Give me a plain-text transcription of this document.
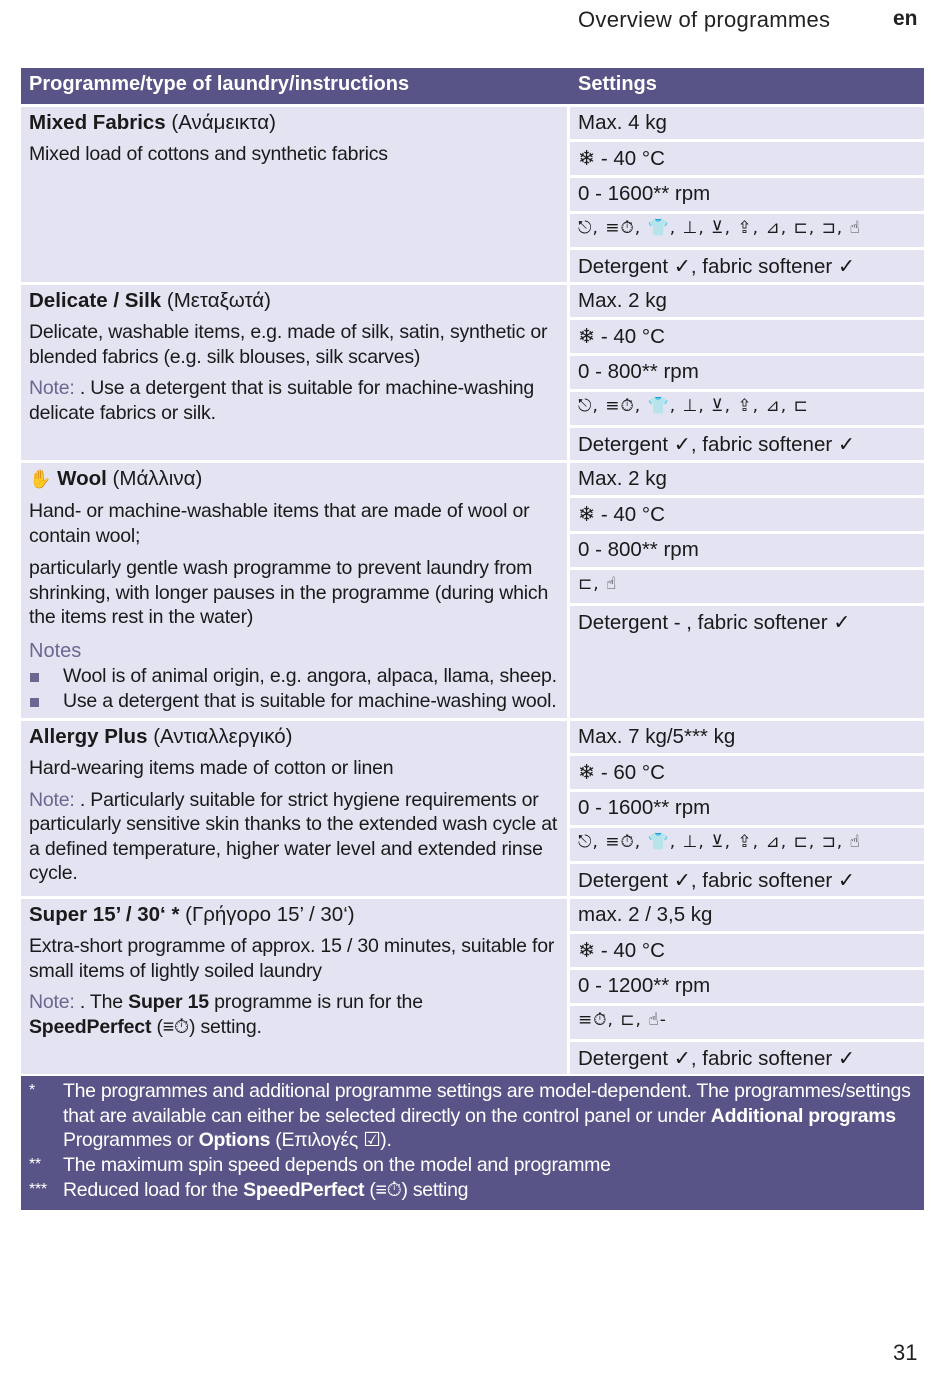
Overview of programmes	en
Programme/type of laundry/instructions	Settings
Mixed Fabrics (Ανάμεικτα)
Mixed load of cottons and synthetic fabrics
Max. 4 kg
❄ - 40 °C
0 - 1600** rpm
⎋, ≡⏱, 👕, ⊥, ⊻, ⇪, ⊿, ⊏, ⊐, ☝
Detergent ✓, fabric softener ✓
Delicate / Silk (Μεταξωτά)
Delicate, washable items, e.g. made of silk, satin, synthetic or blended fabrics (e.g. silk blouses, silk scarves)
Note: . Use a detergent that is suitable for machine-washing delicate fabrics or silk.
Max. 2 kg
❄ - 40 °C
0 - 800** rpm
⎋, ≡⏱, 👕, ⊥, ⊻, ⇪, ⊿, ⊏
Detergent ✓, fabric softener ✓
✋ Wool (Μάλλινα)
Hand- or machine-washable items that are made of wool or contain wool;
particularly gentle wash programme to prevent laundry from shrinking, with longer pauses in the programme (during which the items rest in the water)
Notes
Wool is of animal origin, e.g. angora, alpaca, llama, sheep.
Use a detergent that is suitable for machine-washing wool.
Max. 2 kg
❄ - 40 °C
0 - 800** rpm
⊏, ☝
Detergent - , fabric softener ✓
Allergy Plus (Αντιαλλεργικό)
Hard-wearing items made of cotton or linen
Note: . Particularly suitable for strict hygiene requirements or particularly sensitive skin thanks to the extended wash cycle at a defined temperature, higher water level and extended rinse cycle.
Max. 7 kg/5*** kg
❄ - 60 °C
0 - 1600** rpm
⎋, ≡⏱, 👕, ⊥, ⊻, ⇪, ⊿, ⊏, ⊐, ☝
Detergent ✓, fabric softener ✓
Super 15’ / 30‘ * (Γρήγορο 15’ / 30‘)
Extra-short programme of approx. 15 / 30 minutes, suitable for small items of lightly soiled laundry
Note: . The Super 15 programme is run for the
SpeedPerfect (≡⏱) setting.
max. 2 / 3,5 kg
❄ - 40 °C
0 - 1200** rpm
≡⏱, ⊏, ☝-
Detergent ✓, fabric softener ✓
* The programmes and additional programme settings are model-dependent. The programmes/settings that are available can either be selected directly on the control panel or under Additional programs
Programmes or Options (Επιλογές ☑).
** The maximum spin speed depends on the model and programme
*** Reduced load for the SpeedPerfect (≡⏱) setting
31
